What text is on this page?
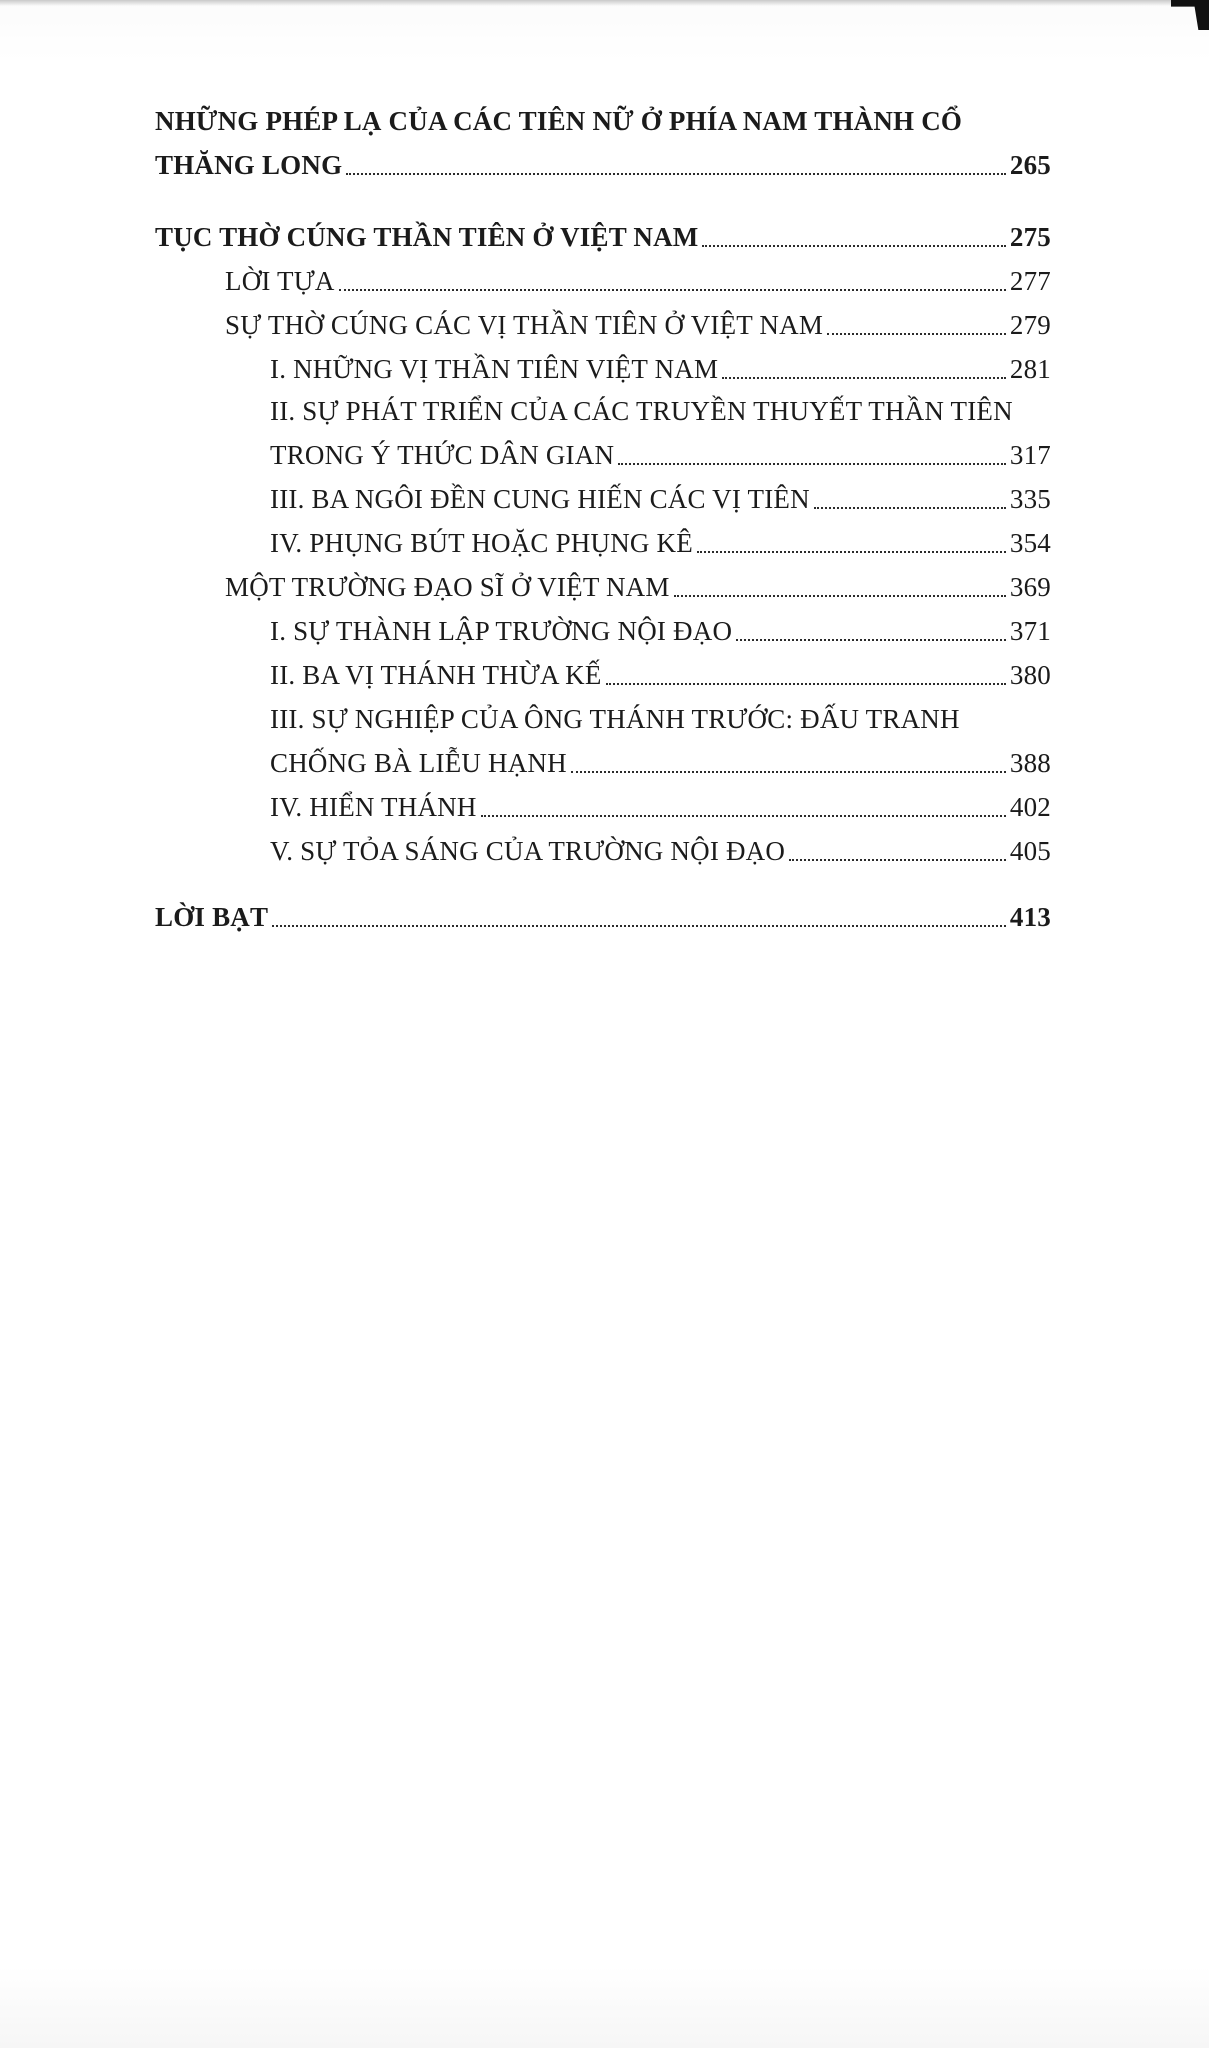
NHỮNG PHÉP LẠ CỦA CÁC TIÊN NỮ Ở PHÍA NAM THÀNH CỔ
THĂNG LONG	265
TỤC THỜ CÚNG THẦN TIÊN Ở VIỆT NAM	275
LỜI TỰA	277
SỰ THỜ CÚNG CÁC VỊ THẦN TIÊN Ở VIỆT NAM	279
I. NHỮNG VỊ THẦN TIÊN VIỆT NAM	281
II. SỰ PHÁT TRIỂN CỦA CÁC TRUYỀN THUYẾT THẦN TIÊN
TRONG Ý THỨC DÂN GIAN	317
III. BA NGÔI ĐỀN CUNG HIẾN CÁC VỊ TIÊN	335
IV. PHỤNG BÚT HOẶC PHỤNG KÊ	354
MỘT TRƯỜNG ĐẠO SĨ Ở VIỆT NAM	369
I. SỰ THÀNH LẬP TRƯỜNG NỘI ĐẠO	371
II. BA VỊ THÁNH THỪA KẾ	380
III. SỰ NGHIỆP CỦA ÔNG THÁNH TRƯỚC: ĐẤU TRANH
CHỐNG BÀ LIỄU HẠNH	388
IV. HIỂN THÁNH	402
V. SỰ TỎA SÁNG CỦA TRƯỜNG NỘI ĐẠO	405
LỜI BẠT	413
